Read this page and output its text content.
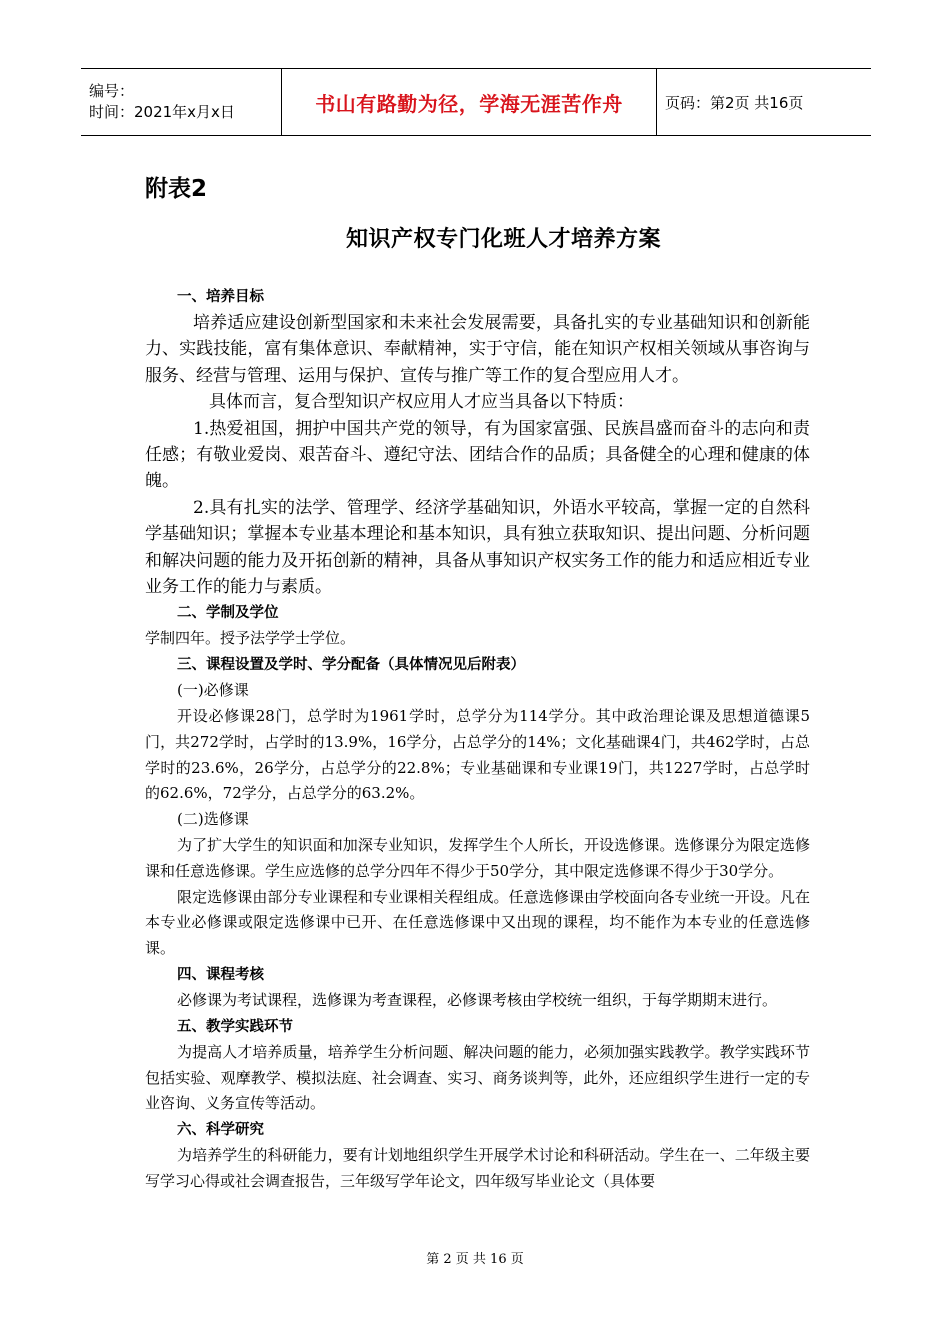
编号：
时间：2021年x月x日	书山有路勤为径，学海无涯苦作舟	页码：第2页 共16页
附表2
知识产权专门化班人才培养方案
一、培养目标

培养适应建设创新型国家和未来社会发展需要，具备扎实的专业基础知识和创新能力、实践技能，富有集体意识、奉献精神，实于守信，能在知识产权相关领域从事咨询与服务、经营与管理、运用与保护、宣传与推广等工作的复合型应用人才。

具体而言，复合型知识产权应用人才应当具备以下特质：

1.热爱祖国，拥护中国共产党的领导，有为国家富强、民族昌盛而奋斗的志向和责任感；有敬业爱岗、艰苦奋斗、遵纪守法、团结合作的品质；具备健全的心理和健康的体魄。

2.具有扎实的法学、管理学、经济学基础知识，外语水平较高，掌握一定的自然科学基础知识；掌握本专业基本理论和基本知识，具有独立获取知识、提出问题、分析问题和解决问题的能力及开拓创新的精神，具备从事知识产权实务工作的能力和适应相近专业业务工作的能力与素质。

二、学制及学位

学制四年。授予法学学士学位。

三、课程设置及学时、学分配备（具体情况见后附表）
(一)必修课

开设必修课28门，总学时为1961学时，总学分为114学分。其中政治理论课及思想道德课5门，共272学时，占学时的13.9%，16学分，占总学分的14%；文化基础课4门，共462学时，占总学时的23.6%，26学分，占总学分的22.8%；专业基础课和专业课19门，共1227学时，占总学时的62.6%，72学分，占总学分的63.2%。

(二)选修课

为了扩大学生的知识面和加深专业知识，发挥学生个人所长，开设选修课。选修课分为限定选修课和任意选修课。学生应选修的总学分四年不得少于50学分，其中限定选修课不得少于30学分。

限定选修课由部分专业课程和专业课相关程组成。任意选修课由学校面向各专业统一开设。凡在本专业必修课或限定选修课中已开、在任意选修课中又出现的课程，均不能作为本专业的任意选修课。

四、课程考核

必修课为考试课程，选修课为考查课程，必修课考核由学校统一组织，于每学期期末进行。

五、教学实践环节

为提高人才培养质量，培养学生分析问题、解决问题的能力，必须加强实践教学。教学实践环节包括实验、观摩教学、模拟法庭、社会调查、实习、商务谈判等，此外，还应组织学生进行一定的专业咨询、义务宣传等活动。

六、科学研究

为培养学生的科研能力，要有计划地组织学生开展学术讨论和科研活动。学生在一、二年级主要写学习心得或社会调查报告，三年级写学年论文，四年级写毕业论文（具体要

第 2 页 共 16 页
